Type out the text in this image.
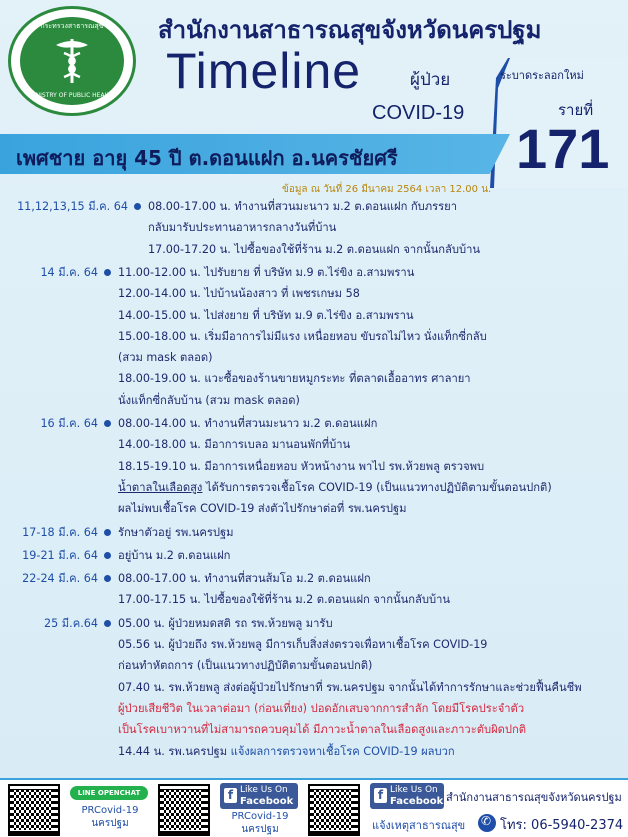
กระทรวงสาธารณสุข
MINISTRY OF PUBLIC HEALTH
สำนักงานสาธารณสุขจังหวัดนครปฐม
Timeline	ผู้ป่วย
COVID-19
ระบาดระลอกใหม่
รายที่
171
เพศชาย อายุ 45 ปี ต.ดอนแฝก อ.นครชัยศรี
ข้อมูล ณ วันที่ 26 มีนาคม 2564 เวลา 12.00 น.
11,12,13,15 มี.ค. 64 08.00-17.00 น. ทำงานที่สวนมะนาว ม.2 ต.ดอนแฝก กับภรรยา
กลับมารับประทานอาหารกลางวันที่บ้าน
17.00-17.20 น. ไปซื้อของใช้ที่ร้าน ม.2 ต.ดอนแฝก จากนั้นกลับบ้าน
14 มี.ค. 64 11.00-12.00 น. ไปรับยาย ที่ บริษัท ม.9 ต.ไร่ขิง อ.สามพราน
12.00-14.00 น. ไปบ้านน้องสาว ที่ เพชรเกษม 58
14.00-15.00 น. ไปส่งยาย ที่ บริษัท ม.9 ต.ไร่ขิง อ.สามพราน
15.00-18.00 น. เริ่มมีอาการไม่มีแรง เหนื่อยหอบ ขับรถไม่ไหว นั่งแท็กซี่กลับ
(สวม mask ตลอด)
18.00-19.00 น. แวะซื้อของร้านขายหมูกระทะ ที่ตลาดเอื้ออาทร ศาลายา
นั่งแท็กซี่กลับบ้าน (สวม mask ตลอด)
16 มี.ค. 64 08.00-14.00 น. ทำงานที่สวนมะนาว ม.2 ต.ดอนแฝก
14.00-18.00 น. มีอาการเบลอ มานอนพักที่บ้าน
18.15-19.10 น. มีอาการเหนื่อยหอบ หัวหน้างาน พาไป รพ.ห้วยพลู ตรวจพบ
น้ำตาลในเลือดสูง ได้รับการตรวจเชื้อโรค COVID-19 (เป็นแนวทางปฏิบัติตามขั้นตอนปกติ)
ผลไม่พบเชื้อโรค COVID-19 ส่งตัวไปรักษาต่อที่ รพ.นครปฐม
17-18 มี.ค. 64 รักษาตัวอยู่ รพ.นครปฐม
19-21 มี.ค. 64 อยู่บ้าน ม.2 ต.ดอนแฝก
22-24 มี.ค. 64 08.00-17.00 น. ทำงานที่สวนส้มโอ ม.2 ต.ดอนแฝก
17.00-17.15 น. ไปซื้อของใช้ที่ร้าน ม.2 ต.ดอนแฝก จากนั้นกลับบ้าน
25 มี.ค.64 05.00 น. ผู้ป่วยหมดสติ รถ รพ.ห้วยพลู มารับ
05.56 น. ผู้ป่วยถึง รพ.ห้วยพลู มีการเก็บสิ่งส่งตรวจเพื่อหาเชื้อโรค COVID-19
ก่อนทำหัตถการ (เป็นแนวทางปฏิบัติตามขั้นตอนปกติ)
07.40 น. รพ.ห้วยพลู ส่งต่อผู้ป่วยไปรักษาที่ รพ.นครปฐม จากนั้นได้ทำการรักษาและช่วยฟื้นคืนชีพ
ผู้ป่วยเสียชีวิต ในเวลาต่อมา (ก่อนเที่ยง) ปอดอักเสบจากการสำลัก โดยมีโรคประจำตัว
เป็นโรคเบาหวานที่ไม่สามารถควบคุมได้ มีภาวะน้ำตาลในเลือดสูงและภาวะตับผิดปกติ
14.44 น. รพ.นครปฐม แจ้งผลการตรวจหาเชื้อโรค COVID-19 ผลบวก
LINE OPENCHAT
PRCovid-19
นครปฐม
f Like Us On
Facebook
PRCovid-19
นครปฐม
f Like Us On
Facebook สำนักงานสาธารณสุขจังหวัดนครปฐม
แจ้งเหตุสาธารณสุข
✆	โทร: 06-5940-2374
